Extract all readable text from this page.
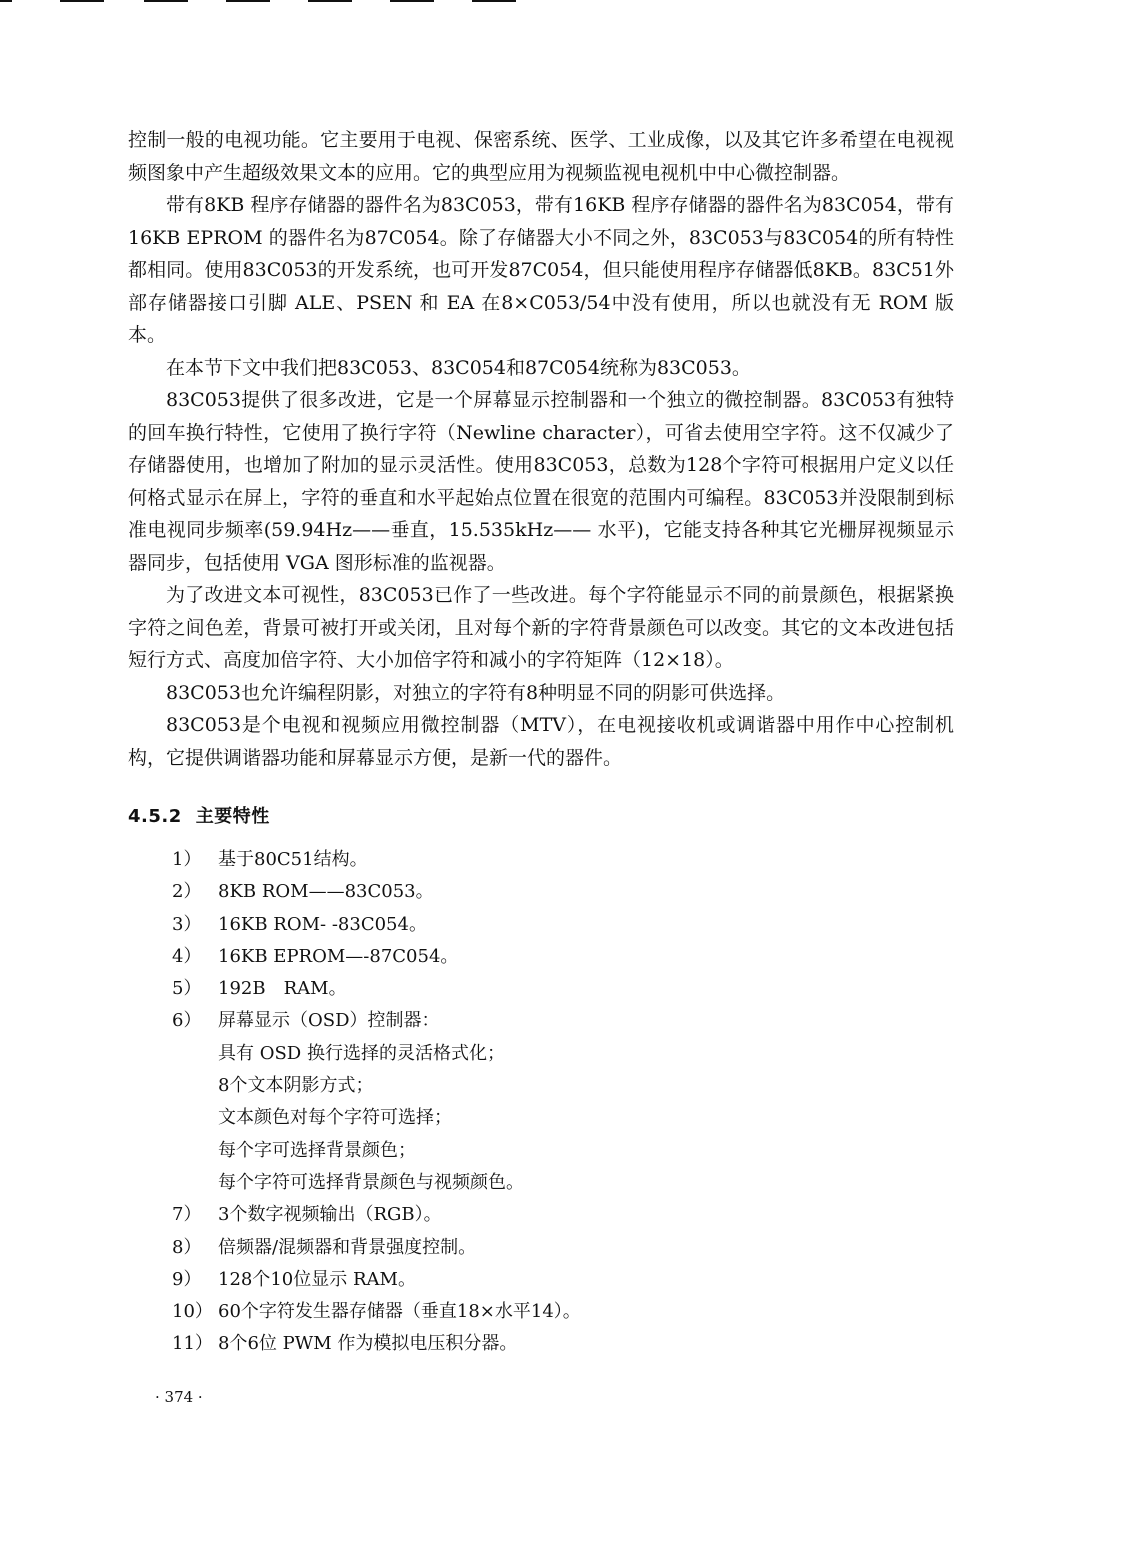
控制一般的电视功能。它主要用于电视、保密系统、医学、工业成像，以及其它许多希望在电视视频图象中产生超级效果文本的应用。它的典型应用为视频监视电视机中中心微控制器。

带有8KB 程序存储器的器件名为83C053，带有16KB 程序存储器的器件名为83C054，带有16KB EPROM 的器件名为87C054。除了存储器大小不同之外，83C053与83C054的所有特性都相同。使用83C053的开发系统，也可开发87C054，但只能使用程序存储器低8KB。83C51外部存储器接口引脚 ALE、PSEN 和 EA 在8×C053/54中没有使用，所以也就没有无 ROM 版本。

在本节下文中我们把83C053、83C054和87C054统称为83C053。

83C053提供了很多改进，它是一个屏幕显示控制器和一个独立的微控制器。83C053有独特的回车换行特性，它使用了换行字符（Newline character），可省去使用空字符。这不仅减少了存储器使用，也增加了附加的显示灵活性。使用83C053，总数为128个字符可根据用户定义以任何格式显示在屏上，字符的垂直和水平起始点位置在很宽的范围内可编程。83C053并没限制到标准电视同步频率(59.94Hz——垂直，15.535kHz—— 水平)，它能支持各种其它光栅屏视频显示器同步，包括使用 VGA 图形标准的监视器。

为了改进文本可视性，83C053已作了一些改进。每个字符能显示不同的前景颜色，根据紧换字符之间色差，背景可被打开或关闭，且对每个新的字符背景颜色可以改变。其它的文本改进包括短行方式、高度加倍字符、大小加倍字符和减小的字符矩阵（12×18）。

83C053也允许编程阴影，对独立的字符有8种明显不同的阴影可供选择。

83C053是个电视和视频应用微控制器（MTV），在电视接收机或调谐器中用作中心控制机构，它提供调谐器功能和屏幕显示方便，是新一代的器件。

4.5.2 主要特性
1） 基于80C51结构。
2） 8KB ROM——83C053。
3） 16KB ROM- -83C054。
4） 16KB EPROM—-87C054。
5） 192B　RAM。
6） 屏幕显示（OSD）控制器：
具有 OSD 换行选择的灵活格式化；
8个文本阴影方式；
文本颜色对每个字符可选择；
每个字可选择背景颜色；
每个字符可选择背景颜色与视频颜色。
7） 3个数字视频输出（RGB）。
8） 倍频器/混频器和背景强度控制。
9） 128个10位显示 RAM。
10） 60个字符发生器存储器（垂直18×水平14）。
11） 8个6位 PWM 作为模拟电压积分器。
· 374 ·
